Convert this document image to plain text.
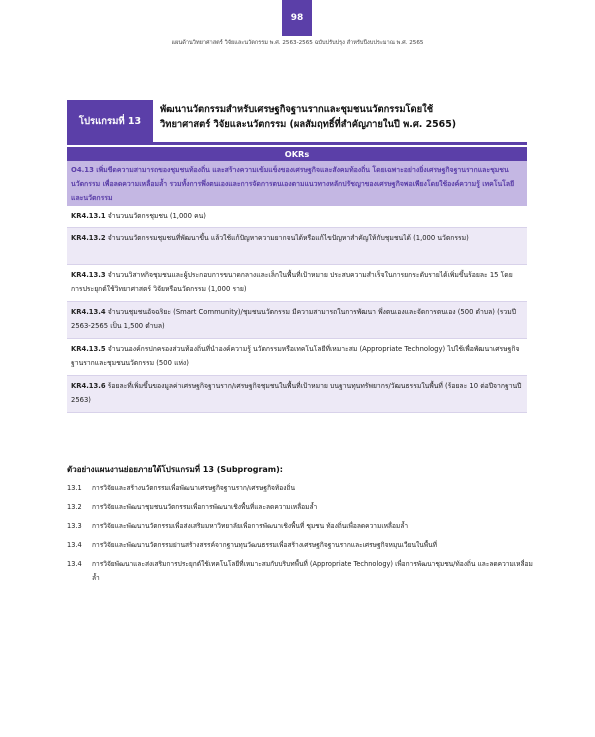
98
แผนด้านวิทยาศาสตร์ วิจัยและนวัตกรรม พ.ศ. 2563-2565 ฉบับปรับปรุง สำหรับปีงบประมาณ พ.ศ. 2565
โปรแกรมที่ 13
พัฒนานวัตกรรมสำหรับเศรษฐกิจฐานรากและชุมชนนวัตกรรมโดยใช้
วิทยาศาสตร์ วิจัยและนวัตกรรม (ผลสัมฤทธิ์ที่สำคัญภายในปี พ.ศ. 2565)
OKRs
O4.13 เพิ่มขีดความสามารถของชุมชนท้องถิ่น และสร้างความเข้มแข็งของเศรษฐกิจและสังคมท้องถิ่น โดยเฉพาะอย่างยิ่งเศรษฐกิจฐานรากและชุมชนนวัตกรรม เพื่อลดความเหลื่อมล้ำ รวมทั้งการพึ่งตนเองและการจัดการตนเองตามแนวทางหลักปรัชญาของเศรษฐกิจพอเพียงโดยใช้องค์ความรู้ เทคโนโลยี และนวัตกรรม
KR4.13.1 จำนวนนวัตกรชุมชน (1,000 คน)
KR4.13.2 จำนวนนวัตกรรมชุมชนที่พัฒนาขึ้น แล้วใช้แก้ปัญหาความยากจนได้หรือแก้ไขปัญหาสำคัญให้กับชุมชนได้ (1,000 นวัตกรรม)
KR4.13.3 จำนวนวิสาหกิจชุมชนและผู้ประกอบการขนาดกลางและเล็กในพื้นที่เป้าหมาย ประสบความสำเร็จในการยกระดับรายได้เพิ่มขึ้นร้อยละ 15 โดยการประยุกต์ใช้วิทยาศาสตร์ วิจัยหรือนวัตกรรม (1,000 ราย)
KR4.13.4 จำนวนชุมชนอัจฉริยะ (Smart Community)/ชุมชนนวัตกรรม มีความสามารถในการพัฒนา พึ่งตนเองและจัดการตนเอง (500 ตำบล) (รวมปี 2563-2565 เป็น 1,500 ตำบล)
KR4.13.5 จำนวนองค์กรปกครองส่วนท้องถิ่นที่นำองค์ความรู้ นวัตกรรมหรือเทคโนโลยีที่เหมาะสม (Appropriate Technology) ไปใช้เพื่อพัฒนาเศรษฐกิจฐานรากและชุมชนนวัตกรรม (500 แห่ง)
KR4.13.6 ร้อยละที่เพิ่มขึ้นของมูลค่าเศรษฐกิจฐานราก/เศรษฐกิจชุมชนในพื้นที่เป้าหมาย บนฐานทุนทรัพยากร/วัฒนธรรมในพื้นที่ (ร้อยละ 10 ต่อปีจากฐานปี 2563)
ตัวอย่างแผนงานย่อยภายใต้โปรแกรมที่ 13 (Subprogram):
13.1	การวิจัยและสร้างนวัตกรรมเพื่อพัฒนาเศรษฐกิจฐานราก/เศรษฐกิจท้องถิ่น
13.2	การวิจัยและพัฒนาชุมชนนวัตกรรมเพื่อการพัฒนาเชิงพื้นที่และลดความเหลื่อมล้ำ
13.3	การวิจัยและพัฒนานวัตกรรมเพื่อส่งเสริมมหาวิทยาลัยเพื่อการพัฒนาเชิงพื้นที่ ชุมชน ท้องถิ่นเพื่อลดความเหลื่อมล้ำ
13.4	การวิจัยและพัฒนานวัตกรรมย่านสร้างสรรค์จากฐานทุนวัฒนธรรมเพื่อสร้างเศรษฐกิจฐานรากและเศรษฐกิจหมุนเวียนในพื้นที่
13.4	การวิจัยพัฒนาและส่งเสริมการประยุกต์ใช้เทคโนโลยีที่เหมาะสมกับบริบทพื้นที่ (Appropriate Technology) เพื่อการพัฒนาชุมชน/ท้องถิ่น และลดความเหลื่อมล้ำ
